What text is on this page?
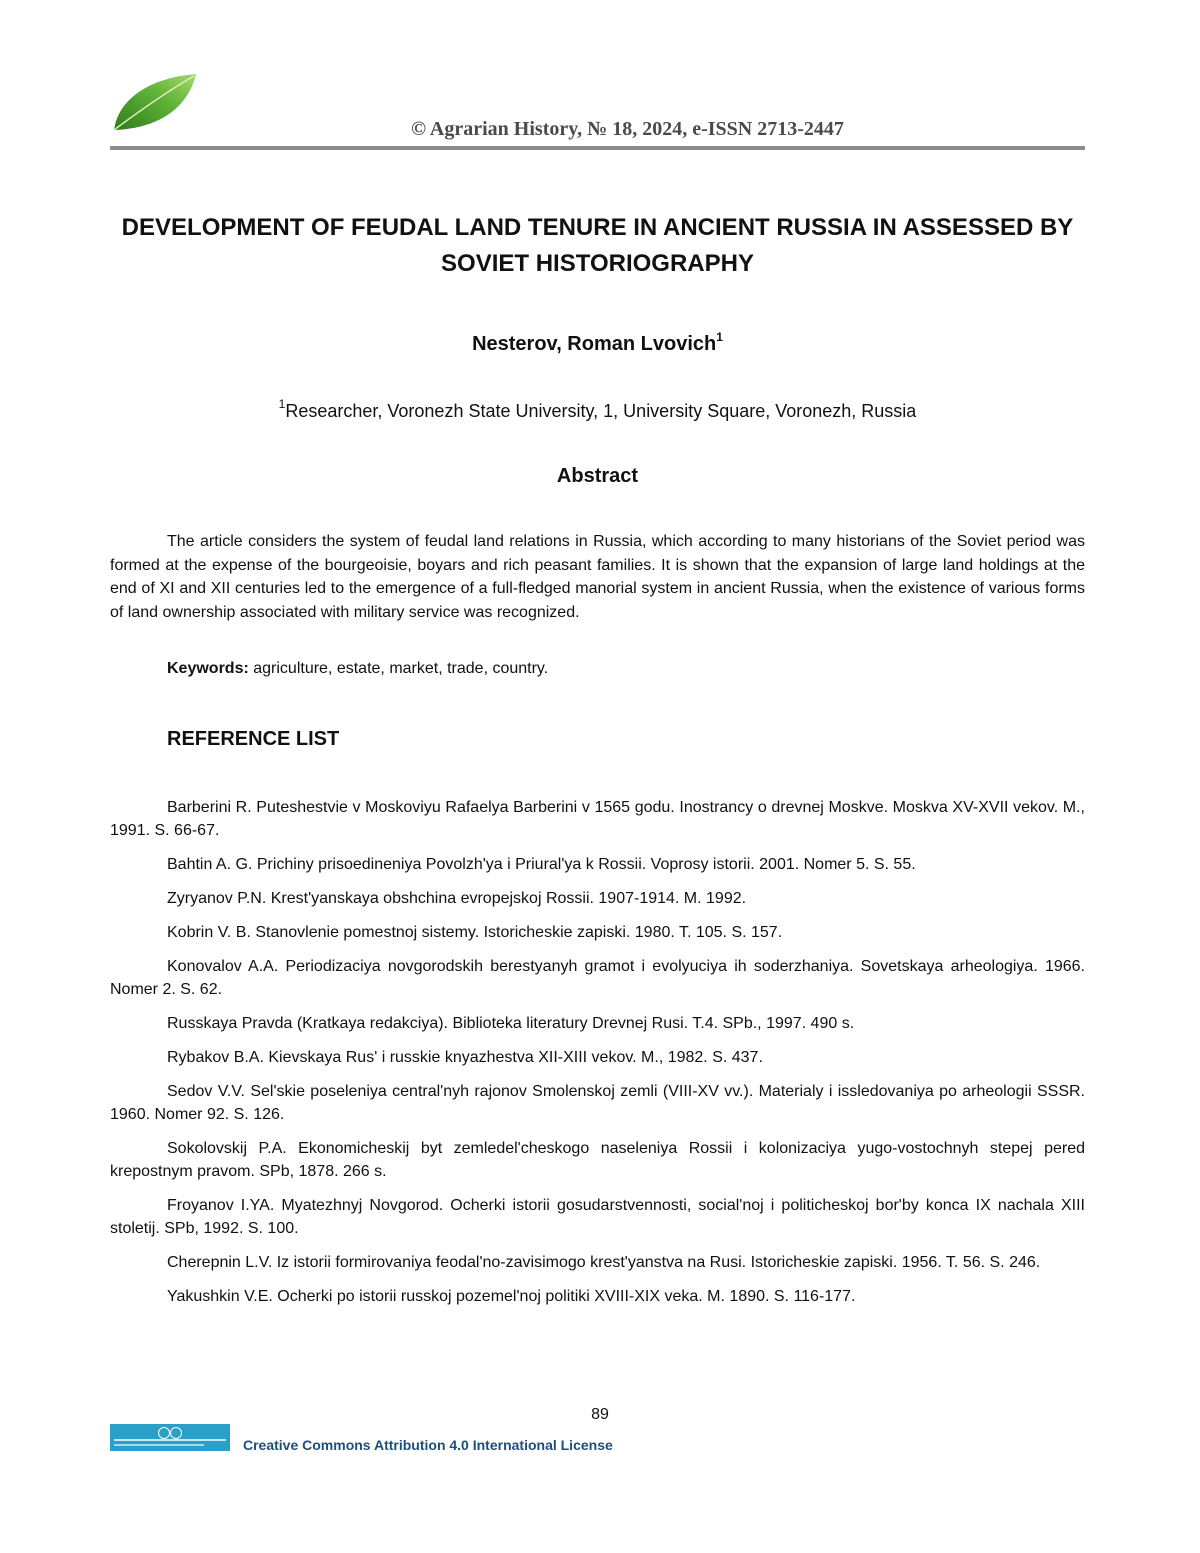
© Agrarian History, № 18, 2024, e-ISSN 2713-2447
DEVELOPMENT OF FEUDAL LAND TENURE IN ANCIENT RUSSIA IN ASSESSED BY SOVIET HISTORIOGRAPHY
Nesterov, Roman Lvovich$^1$
$^1$Researcher, Voronezh State University, 1, University Square, Voronezh, Russia
Abstract

The article considers the system of feudal land relations in Russia, which according to many historians of the Soviet period was formed at the expense of the bourgeoisie, boyars and rich peasant families. It is shown that the expansion of large land holdings at the end of XI and XII centuries led to the emergence of a full-fledged manorial system in ancient Russia, when the existence of various forms of land ownership associated with military service was recognized.

Keywords: agriculture, estate, market, trade, country.
REFERENCE LIST
Barberini R. Puteshestvie v Moskoviyu Rafaelya Barberini v 1565 godu. Inostrancy o drevnej Moskve. Moskva XV-XVII vekov. M., 1991. S. 66-67.
Bahtin A. G. Prichiny prisoedineniya Povolzh'ya i Priural'ya k Rossii. Voprosy istorii. 2001. Nomer 5. S. 55.
Zyryanov P.N. Krest'yanskaya obshchina evropejskoj Rossii. 1907-1914. M. 1992.
Kobrin V. B. Stanovlenie pomestnoj sistemy. Istoricheskie zapiski. 1980. T. 105. S. 157.
Konovalov A.A. Periodizaciya novgorodskih berestyanyh gramot i evolyuciya ih soderzhaniya. Sovetskaya arheologiya. 1966. Nomer 2. S. 62.
Russkaya Pravda (Kratkaya redakciya). Biblioteka literatury Drevnej Rusi. T.4. SPb., 1997. 490 s.
Rybakov B.A. Kievskaya Rus' i russkie knyazhestva XII-XIII vekov. M., 1982. S. 437.
Sedov V.V. Sel'skie poseleniya central'nyh rajonov Smolenskoj zemli (VIII-XV vv.). Materialy i issledovaniya po arheologii SSSR. 1960. Nomer 92. S. 126.
Sokolovskij P.A. Ekonomicheskij byt zemledel'cheskogo naseleniya Rossii i kolonizaciya yugo-vostochnyh stepej pered krepostnym pravom. SPb, 1878. 266 s.
Froyanov I.YA. Myatezhnyj Novgorod. Ocherki istorii gosudarstvennosti, social'noj i politicheskoj bor'by konca IX nachala XIII stoletij. SPb, 1992. S. 100.
Cherepnin L.V. Iz istorii formirovaniya feodal'no-zavisimogo krest'yanstva na Rusi. Istoricheskie zapiski. 1956. T. 56. S. 246.
Yakushkin V.E. Ocherki po istorii russkoj pozemel'noj politiki XVIII-XIX veka. M. 1890. S. 116-177.
89
Creative Commons Attribution 4.0 International License
